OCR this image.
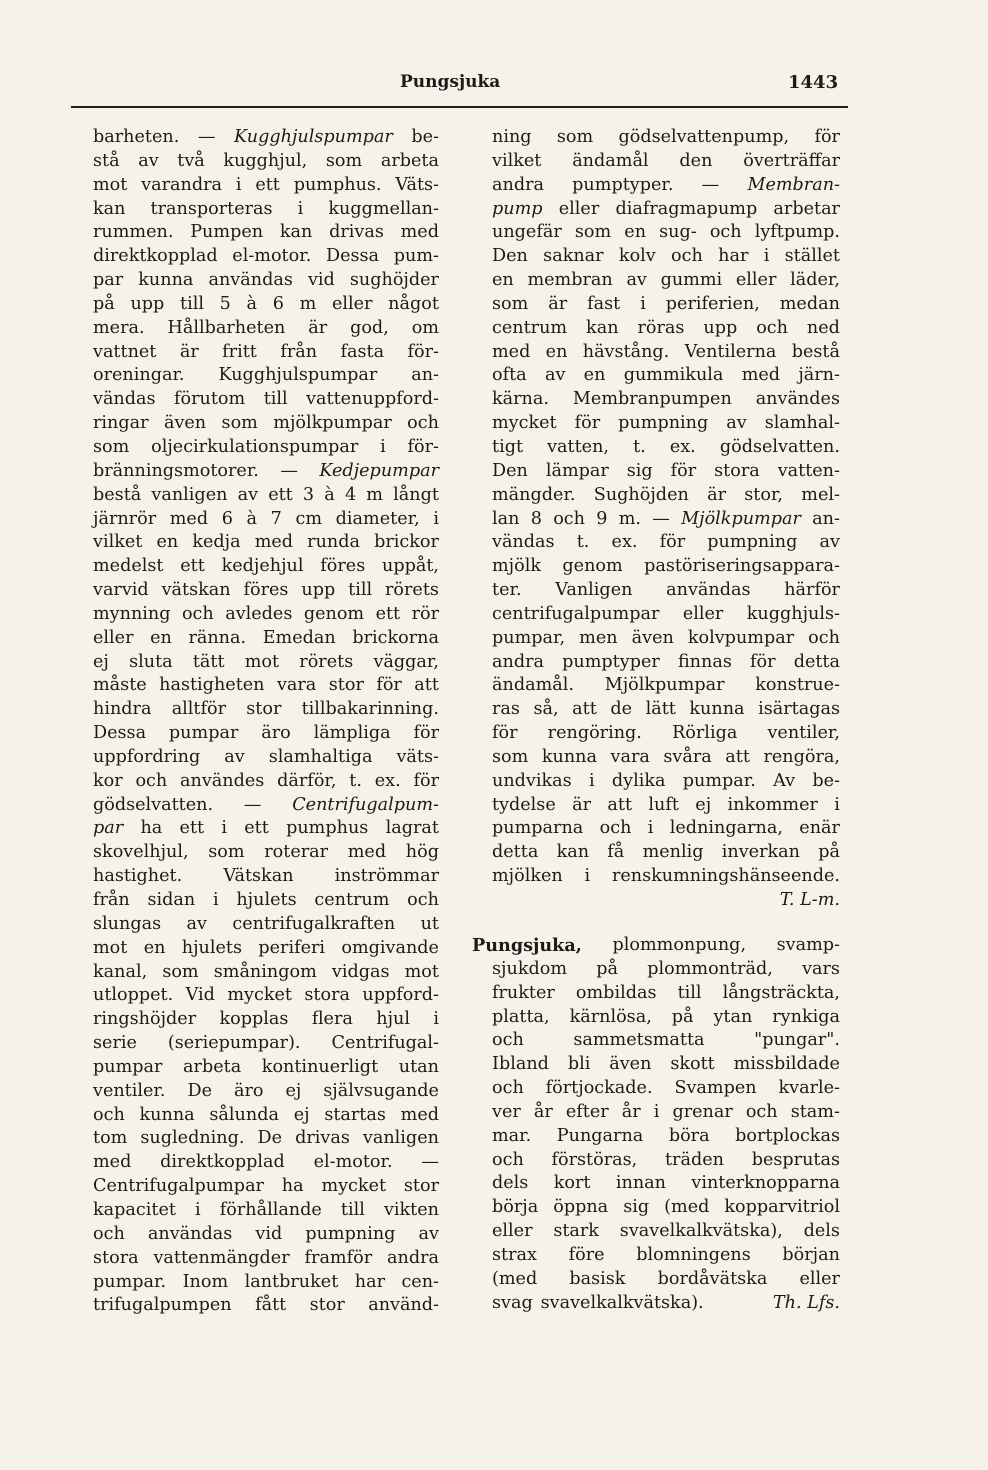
Pungsjuka	1443
barheten. — Kugghjulspumpar be-
stå av två kugghjul, som arbeta
mot varandra i ett pumphus. Väts-
kan transporteras i kuggmellan-
rummen. Pumpen kan drivas med
direktkopplad el-motor. Dessa pum-
par kunna användas vid sughöjder
på upp till 5 à 6 m eller något
mera. Hållbarheten är god, om
vattnet är fritt från fasta för-
oreningar. Kugghjulspumpar an-
vändas förutom till vattenuppford-
ringar även som mjölkpumpar och
som oljecirkulationspumpar i för-
bränningsmotorer. — Kedjepumpar
bestå vanligen av ett 3 à 4 m långt
järnrör med 6 à 7 cm diameter, i
vilket en kedja med runda brickor
medelst ett kedjehjul föres uppåt,
varvid vätskan föres upp till rörets
mynning och avledes genom ett rör
eller en ränna. Emedan brickorna
ej sluta tätt mot rörets väggar,
måste hastigheten vara stor för att
hindra alltför stor tillbakarinning.
Dessa pumpar äro lämpliga för
uppfordring av slamhaltiga väts-
kor och användes därför, t. ex. för
gödselvatten. — Centrifugalpum-
par ha ett i ett pumphus lagrat
skovelhjul, som roterar med hög
hastighet. Vätskan inströmmar
från sidan i hjulets centrum och
slungas av centrifugalkraften ut
mot en hjulets periferi omgivande
kanal, som småningom vidgas mot
utloppet. Vid mycket stora uppford-
ringshöjder kopplas flera hjul i
serie (seriepumpar). Centrifugal-
pumpar arbeta kontinuerligt utan
ventiler. De äro ej självsugande
och kunna sålunda ej startas med
tom sugledning. De drivas vanligen
med direktkopplad el-motor. —
Centrifugalpumpar ha mycket stor
kapacitet i förhållande till vikten
och användas vid pumpning av
stora vattenmängder framför andra
pumpar. Inom lantbruket har cen-
trifugalpumpen fått stor använd-
ning som gödselvattenpump, för
vilket ändamål den överträffar
andra pumptyper. — Membran-
pump eller diafragmapump arbetar
ungefär som en sug- och lyftpump.
Den saknar kolv och har i stället
en membran av gummi eller läder,
som är fast i periferien, medan
centrum kan röras upp och ned
med en hävstång. Ventilerna bestå
ofta av en gummikula med järn-
kärna. Membranpumpen användes
mycket för pumpning av slamhal-
tigt vatten, t. ex. gödselvatten.
Den lämpar sig för stora vatten-
mängder. Sughöjden är stor, mel-
lan 8 och 9 m. — Mjölkpumpar an-
vändas t. ex. för pumpning av
mjölk genom pastöriseringsappara-
ter. Vanligen användas härför
centrifugalpumpar eller kugghjuls-
pumpar, men även kolvpumpar och
andra pumptyper finnas för detta
ändamål. Mjölkpumpar konstrue-
ras så, att de lätt kunna isärtagas
för rengöring. Rörliga ventiler,
som kunna vara svåra att rengöra,
undvikas i dylika pumpar. Av be-
tydelse är att luft ej inkommer i
pumparna och i ledningarna, enär
detta kan få menlig inverkan på
mjölken i renskumningshänseende.
T. L-m.
Pungsjuka, plommonpung, svamp-
sjukdom på plommonträd, vars
frukter ombildas till långsträckta,
platta, kärnlösa, på ytan rynkiga
och	sammetsmatta	"pungar".
Ibland bli även skott missbildade
och förtjockade. Svampen kvarle-
ver år efter år i grenar och stam-
mar. Pungarna böra bortplockas
och förstöras, träden besprutas
dels kort innan vinterknopparna
börja öppna sig (med kopparvitriol
eller stark svavelkalkvätska), dels
strax före blomningens början
(med basisk bordåvätska eller
svag svavelkalkvätska).	Th. Lfs.
